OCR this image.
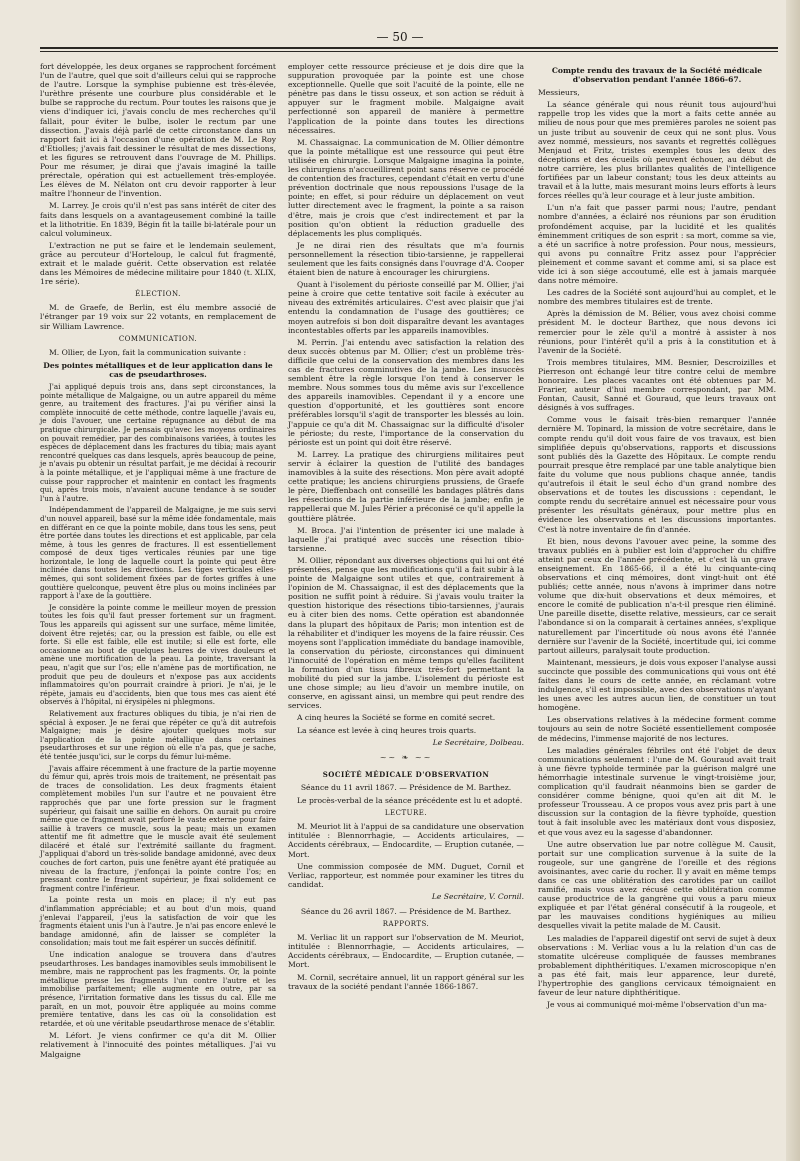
— 50 —

fort développée, les deux organes se rapprochent forcément l'un de l'autre, quel que soit d'ailleurs celui qui se rapproche de l'autre. Lorsque la symphise pubienne est très-élevée, l'urèthre présente une courbure plus considérable et le bulbe se rapproche du rectum. Pour toutes les raisons que je viens d'indiquer ici, j'avais conclu de mes recherches qu'il fallait, pour éviter le bulbe, isoler le rectum par une dissection. J'avais déjà parlé de cette circonstance dans un rapport fait ici à l'occasion d'une opération de M. Le Roy d'Etiolles; j'avais fait dessiner le résultat de mes dissections, et les figures se retrouvent dans l'ouvrage de M. Phillips. Pour me résumer, je dirai que j'avais imaginé la taille prérectale, opération qui est actuellement très-employée. Les élèves de M. Nélaton ont cru devoir rapporter à leur maître l'honneur de l'invention.

M. Larrey. Je crois qu'il n'est pas sans intérêt de citer des faits dans lesquels on a avantageusement combiné la taille et la lithotritie. En 1839, Bégin fit la taille bi-latérale pour un calcul volumineux.

L'extraction ne put se faire et le lendemain seulement, grâce au percuteur d'Horteloup, le calcul fut fragmenté, extrait et le malade guérit. Cette observation est relatée dans les Mémoires de médecine militaire pour 1840 (t. XLIX, 1re série).

ÉLECTION.

M. de Graefe, de Berlin, est élu membre associé de l'étranger par 19 voix sur 22 votants, en remplacement de sir William Lawrence.

COMMUNICATION.

M. Ollier, de Lyon, fait la communication suivante :

Des pointes métalliques et de leur application dans le cas de pseudarthroses.

J'ai appliqué depuis trois ans, dans sept circonstances, la pointe métallique de Malgaigne, ou un autre appareil du même genre, au traitement des fractures. J'ai pu vérifier ainsi la complète innocuité de cette méthode, contre laquelle j'avais eu, je dois l'avouer, une certaine répugnance au début de ma pratique chirurgicale. Je pensais qu'avec les moyens ordinaires on pouvait remédier, par des combinaisons variées, à toutes les espèces de déplacement dans les fractures du tibia; mais ayant rencontré quelques cas dans lesquels, après beaucoup de peine, je n'avais pu obtenir un résultat parfait, je me décidai à recourir à la pointe métallique, et je l'appliquai même à une fracture de cuisse pour rapprocher et maintenir en contact les fragments qui, après trois mois, n'avaient aucune tendance à se souder l'un à l'autre.

Indépendamment de l'appareil de Malgaigne, je me suis servi d'un nouvel appareil, basé sur la même idée fondamentale, mais en différant en ce que la pointe mobile, dans tous les sens, peut être portée dans toutes les directions et est applicable, par cela même, à tous les genres de fractures. Il est essentiellement composé de deux tiges verticales réunies par une tige horizontale, le long de laquelle court la pointe qui peut être inclinée dans toutes les directions. Les tiges verticales elles-mêmes, qui sont solidement fixées par de fortes griffes à une gouttière quelconque, peuvent être plus ou moins inclinées par rapport à l'axe de la gouttière.

Je considère la pointe comme le meilleur moyen de pression toutes les fois qu'il faut presser fortement sur un fragment. Tous les appareils qui agissent sur une surface, même limitée, doivent être rejetés; car, ou la pression est faible, ou elle est forte. Si elle est faible, elle est inutile; si elle est forte, elle occasionne au bout de quelques heures de vives douleurs et amène une mortification de la peau. La pointe, traversant la peau, n'agit que sur l'os; elle n'amène pas de mortification, ne produit que peu de douleurs et n'expose pas aux accidents inflammatoires qu'on pourrait craindre à priori. Je n'ai, je le répète, jamais eu d'accidents, bien que tous mes cas aient été observés à l'hôpital, ni érysipèles ni phlegmons.

Relativement aux fractures obliques du tibia, je n'ai rien de spécial à exposer. Je ne ferai que répéter ce qu'à dit autrefois Malgaigne; mais je désire ajouter quelques mots sur l'application de la pointe métallique dans certaines pseudarthroses et sur une région où elle n'a pas, que je sache, été tentée jusqu'ici, sur le corps du fémur lui-même.

J'avais affaire récemment à une fracture de la partie moyenne du fémur qui, après trois mois de traitement, ne présentait pas de traces de consolidation. Les deux fragments étaient complètement mobiles l'un sur l'autre et ne pouvaient être rapprochés que par une forte pression sur le fragment supérieur, qui faisait une saillie en dehors. On aurait pu croire même que ce fragment avait perforé le vaste externe pour faire saillie à travers ce muscle, sous la peau; mais un examen attentif me fit admettre que le muscle avait été seulement dilacéré et étalé sur l'extrémité saillante du fragment. J'appliquai d'abord un très-solide bandage amidonné, avec deux couches de fort carton, puis une fenêtre ayant été pratiquée au niveau de la fracture, j'enfonçai la pointe contre l'os; en pressant contre le fragment supérieur, je fixai solidement ce fragment contre l'inférieur.

La pointe resta un mois en place; il n'y eut pas d'inflammation appréciable; et au bout d'un mois, quand j'enlevai l'appareil, j'eus la satisfaction de voir que les fragments étaient unis l'un à l'autre. Je n'ai pas encore enlevé le bandage amidonné, afin de laisser se compléter la consolidation; mais tout me fait espérer un succès définitif.

Une indication analogue se trouvera dans d'autres pseudarthroses. Les bandages inamovibles seuls immobilisent le membre, mais ne rapprochent pas les fragments. Or, la pointe métallique presse les fragments l'un contre l'autre et les immobilise parfaitement; elle augmente en outre, par sa présence, l'irritation formative dans les tissus du cal. Elle me paraît, en un mot, pouvoir être appliquée au moins comme première tentative, dans les cas où la consolidation est retardée, et où une véritable pseudarthrose menace de s'établir.

M. Léfort. Je viens confirmer ce qu'a dit M. Ollier relativement à l'innocuité des pointes métalliques. J'ai vu Malgaigne

employer cette ressource précieuse et je dois dire que la suppuration provoquée par la pointe est une chose exceptionnelle. Quelle que soit l'acuité de la pointe, elle ne pénètre pas dans le tissu osseux, et son action se réduit à appuyer sur le fragment mobile. Malgaigne avait perfectionné son appareil de manière à permettre l'application de la pointe dans toutes les directions nécessaires.

M. Chassaignac. La communication de M. Ollier démontre que la pointe métallique est une ressource qui peut être utilisée en chirurgie. Lorsque Malgaigne imagina la pointe, les chirurgiens n'accueillirent point sans réserve ce procédé de contention des fractures, cependant c'était en vertu d'une prévention doctrinale que nous repoussions l'usage de la pointe; en effet, si pour réduire un déplacement on veut lutter directement avec le fragment, la pointe a sa raison d'être, mais je crois que c'est indirectement et par la position qu'on obtient la réduction graduelle des déplacements les plus compliqués.

Je ne dirai rien des résultats que m'a fournis personnellement la résection tibio-tarsienne, je rappellerai seulement que les faits consignés dans l'ouvrage d'A. Cooper étaient bien de nature à encourager les chirurgiens.

Quant à l'isolement du périoste conseillé par M. Ollier, j'ai peine à croire que cette tentative soit facile à exécuter au niveau des extrémités articulaires. C'est avec plaisir que j'ai entendu la condamnation de l'usage des gouttières; ce moyen autrefois si bon doit disparaître devant les avantages incontestables offerts par les appareils inamovibles.

M. Perrin. J'ai entendu avec satisfaction la relation des deux succès obtenus par M. Ollier; c'est un problème très-difficile que celui de la conservation des membres dans les cas de fractures comminutives de la jambe. Les insuccès semblent être la règle lorsque l'on tend à conserver le membre. Nous sommes tous du même avis sur l'excellence des appareils inamovibles. Cependant il y a encore une question d'opportunité, et les gouttières sont encore préférables lorsqu'il s'agit de transporter les blessés au loin. J'appuie ce qu'a dit M. Chassaignac sur la difficulté d'isoler le périoste; du reste, l'importance de la conservation du périoste est un point qui doit être réservé.

M. Larrey. La pratique des chirurgiens militaires peut servir à éclairer la question de l'utilité des bandages inamovibles à la suite des résections. Mon père avait adopté cette pratique; les anciens chirurgiens prussiens, de Graefe le père, Dieffenbach ont conseillé les bandages plâtrés dans les résections de la partie inférieure de la jambe; enfin je rappellerai que M. Jules Périer a préconisé ce qu'il appelle la gouttière plâtrée.

M. Broca. J'ai l'intention de présenter ici une malade à laquelle j'ai pratiqué avec succès une résection tibio-tarsienne.

M. Ollier, répondant aux diverses objections qui lui ont été présentées, pense que les modifications qu'il a fait subir à la pointe de Malgaigne sont utiles et que, contrairement à l'opinion de M. Chassaignac, il est des déplacements que la position ne suffit point à réduire. Si j'avais voulu traiter la question historique des résections tibio-tarsiennes, j'aurais eu à citer bien des noms. Cette opération est abandonnée dans la plupart des hôpitaux de Paris; mon intention est de la réhabiliter et d'indiquer les moyens de la faire réussir. Ces moyens sont l'application immédiate du bandage inamovible, la conservation du périoste, circonstances qui diminuent l'innocuité de l'opération en même temps qu'elles facilitent la formation d'un tissu fibreux très-fort permettant la mobilité du pied sur la jambe. L'isolement du périoste est une chose simple; au lieu d'avoir un membre inutile, on conserve, en agissant ainsi, un membre qui peut rendre des services.

A cinq heures la Société se forme en comité secret.

La séance est levée à cinq heures trois quarts.

Le Secrétaire, Dolbeau.

~~ ❧ ~~

SOCIÉTÉ MÉDICALE D'OBSERVATION

Séance du 11 avril 1867. — Présidence de M. Barthez.

Le procès-verbal de la séance précédente est lu et adopté.

LECTURE.

M. Meuriot lit à l'appui de sa candidature une observation intitulée : Blennorrhagie, — Accidents articulaires, — Accidents cérébraux, — Endocardite, — Eruption cutanée, — Mort.

Une commission composée de MM. Duguet, Cornil et Verliac, rapporteur, est nommée pour examiner les titres du candidat.

Le Secrétaire, V. Cornil.

Séance du 26 avril 1867. — Présidence de M. Barthez.

RAPPORTS.

M. Verliac lit un rapport sur l'observation de M. Meuriot, intitulée : Blennorrhagie, — Accidents articulaires, — Accidents cérébraux, — Endocardite, — Eruption cutanée, — Mort.

M. Cornil, secrétaire annuel, lit un rapport général sur les travaux de la société pendant l'année 1866-1867.

Compte rendu des travaux de la Société médicale d'observation pendant l'année 1866-67.

Messieurs,

La séance générale qui nous réunit tous aujourd'hui rappelle trop les vides que la mort a faits cette année au milieu de nous pour que mes premières paroles ne soient pas un juste tribut au souvenir de ceux qui ne sont plus. Vous avez nommé, messieurs, nos savants et regrettés collègues Menjaud et Fritz, tristes exemples tous les deux des déceptions et des écueils où peuvent échouer, au début de notre carrière, les plus brillantes qualités de l'intelligence fortifiées par un labeur constant; tous les deux atteints au travail et à la lutte, mais mesurant moins leurs efforts à leurs forces réelles qu'à leur courage et à leur juste ambition.

L'un n'a fait que passer parmi nous; l'autre, pendant nombre d'années, a éclairé nos réunions par son érudition profondément acquise, par la lucidité et les qualités éminemment critiques de son esprit : sa mort, comme sa vie, a été un sacrifice à notre profession. Pour nous, messieurs, qui avons pu connaître Fritz assez pour l'apprécier pleinement et comme savant et comme ami, si sa place est vide ici à son siége accoutumé, elle est à jamais marquée dans notre mémoire.

Les cadres de la Société sont aujourd'hui au complet, et le nombre des membres titulaires est de trente.

Après la démission de M. Bélier, vous avez choisi comme président M. le docteur Barthez, que nous devons ici remercier pour le zèle qu'il a montré à assister à nos réunions, pour l'intérêt qu'il a pris à la constitution et à l'avenir de la Société.

Trois membres titulaires, MM. Besnier, Descroizilles et Pierreson ont échangé leur titre contre celui de membre honoraire. Les places vacantes ont été obtenues par M. Frarier, auteur d'hui membre correspondant, par MM. Fontan, Causit, Sanné et Gouraud, que leurs travaux ont désignés à vos suffrages.

Comme vous le faisait très-bien remarquer l'année dernière M. Topinard, la mission de votre secrétaire, dans le compte rendu qu'il doit vous faire de vos travaux, est bien simplifiée depuis qu'observations, rapports et discussions sont publiés dès la Gazette des Hôpitaux. Le compte rendu pourrait presque être remplacé par une table analytique bien faite du volume que nous publions chaque année, tandis qu'autrefois il était le seul écho d'un grand nombre des observations et de toutes les discussions : cependant, le compte rendu du secrétaire annuel est nécessaire pour vous présenter les résultats généraux, pour mettre plus en évidence les observations et les discussions importantes. C'est là notre inventaire de fin d'année.

Et bien, nous devons l'avouer avec peine, la somme des travaux publiés en à publier est loin d'approcher du chiffre atteint par ceux de l'année précédente, et c'est là un grave enseignement. En 1865-66, il a été lu cinquante-cinq observations et cinq mémoires, dont vingt-huit ont été publiés; cette année, nous n'avons à imprimer dans notre volume que dix-huit observations et deux mémoires, et encore le comité de publication n'a-t-il presque rien éliminé. Une pareille disette, disette relative, messieurs, car ce serait l'abondance si on la comparait à certaines années, s'explique naturellement par l'incertitude où nous avons été l'année dernière sur l'avenir de la Société, incertitude qui, ici comme partout ailleurs, paralysait toute production.

Maintenant, messieurs, je dois vous exposer l'analyse aussi succincte que possible des communications qui vous ont été faites dans le cours de cette année, en réclamant votre indulgence, s'il est impossible, avec des observations n'ayant les unes avec les autres aucun lien, de constituer un tout homogène.

Les observations relatives à la médecine forment comme toujours au sein de notre Société essentiellement composée de médecins, l'immense majorité de nos lectures.

Les maladies générales fébriles ont été l'objet de deux communications seulement : l'une de M. Gouraud avait trait à une fièvre typhoïde terminée par la guérison malgré une hémorrhagie intestinale survenue le vingt-troisième jour, complication qu'il faudrait néanmoins bien se garder de considérer comme bénigne, quoi qu'en ait dit M. le professeur Trousseau. A ce propos vous avez pris part à une discussion sur la contagion de la fièvre typhoïde, question tout à fait insoluble avec les matériaux dont vous disposiez, et que vous avez eu la sagesse d'abandonner.

Une autre observation lue par notre collègue M. Causit, portait sur une complication survenue à la suite de la rougeole, sur une gangrène de l'oreille et des régions avoisinantes, avec carie du rocher. Il y avait en même temps dans ce cas une oblitération des carotides par un caillot ramifié, mais vous avez récusé cette oblitération comme cause productrice de la gangrène qui vous a paru mieux expliquée et par l'état général consécutif à la rougeole, et par les mauvaises conditions hygiéniques au milieu desquelles vivait la petite malade de M. Causit.

Les maladies de l'appareil digestif ont servi de sujet à deux observations : M. Verliac vous a lu la relation d'un cas de stomatite ulcéreuse compliquée de fausses membranes probablement diphthéritiques. L'examen microscopique n'en a pas été fait, mais leur apparence, leur dureté, l'hypertrophie des ganglions cervicaux témoignaient en faveur de leur nature diphthéritique.

Je vous ai communiqué moi-même l'observation d'un ma-
